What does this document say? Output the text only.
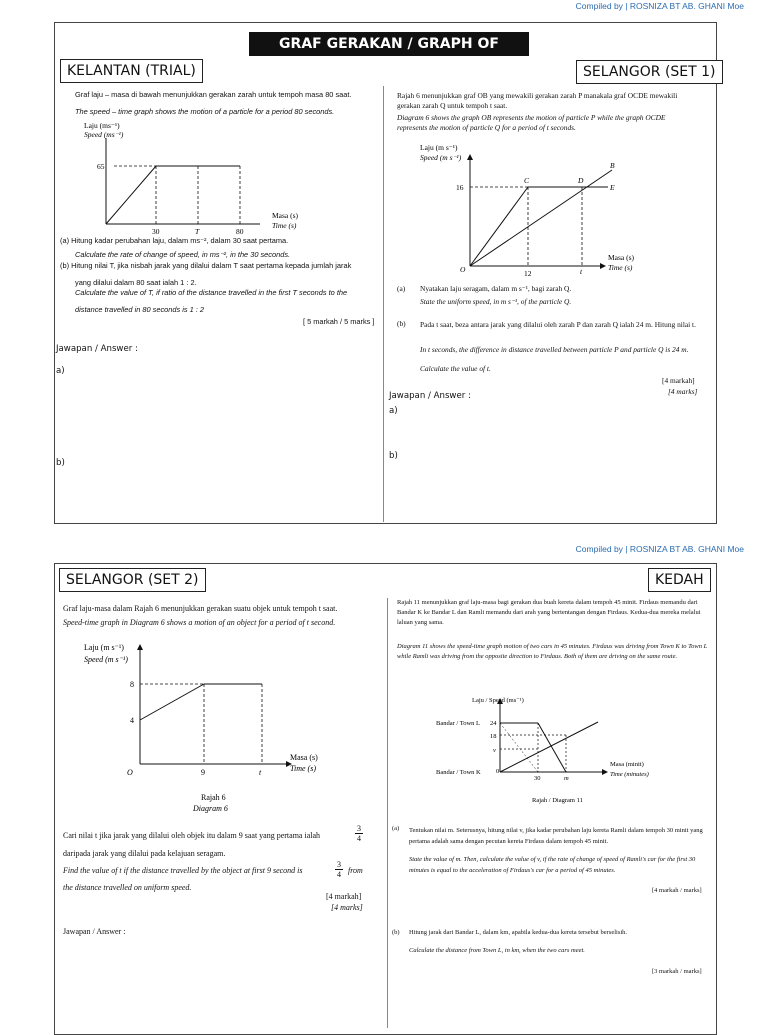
Compiled by | ROSNIZA BT AB. GHANI Moe
GRAF GERAKAN / GRAPH OF MOTION
KELANTAN (TRIAL)
Graf laju – masa di bawah menunjukkan gerakan zarah untuk tempoh masa 80 saat.
The speed – time graph shows the motion of a particle for a period 80 seconds.
Laju (ms⁻¹)
Speed (ms⁻¹)
65
30	T	80
Masa (s)
Time (s)
(a) Hitung kadar perubahan laju, dalam ms⁻², dalam 30 saat pertama.
Calculate the rate of change of speed, in ms⁻², in the 30 seconds.
(b) Hitung nilai T, jika nisbah jarak yang dilalui dalam T saat pertama kepada jumlah jarak
yang dilalui dalam 80 saat ialah 1 : 2.
Calculate the value of T, if ratio of the distance travelled in the first T seconds to the
distance travelled in 80 seconds is 1 : 2
[ 5 markah / 5 marks ]
Jawapan / Answer :
a)
b)
SELANGOR (SET 1)
Rajah 6 menunjukkan graf OB yang mewakili gerakan zarah P manakala graf OCDE mewakili gerakan zarah Q untuk tempoh t saat.
Diagram 6 shows the graph OB represents the motion of particle P while the graph OCDE represents the motion of particle Q for a period of t seconds.
Laju (m s⁻¹)
Speed (m s⁻¹)
16
O	12	t
B
C	D
E
Masa (s)
Time (s)
(a) Nyatakan laju seragam, dalam m s⁻¹, bagi zarah Q.
State the uniform speed, in m s⁻¹, of the particle Q.
(b) Pada t saat, beza antara jarak yang dilalui oleh zarah P dan zarah Q ialah 24 m. Hitung nilai t.
In t seconds, the difference in distance travelled between particle P and particle Q is 24 m.
Calculate the value of t.
[4 markah]
[4 marks]
Jawapan / Answer :
a)
b)
Compiled by | ROSNIZA BT AB. GHANI Moe
SELANGOR (SET 2)
Graf laju-masa dalam Rajah 6 menunjukkan gerakan suatu objek untuk tempoh t saat.
Speed-time graph in Diagram 6 shows a motion of an object for a period of t second.
Laju (m s⁻¹)
Speed (m s⁻¹)
8
4
O	9	t
Masa (s)
Time (s)
Rajah 6
Diagram 6
Cari nilai t jika jarak yang dilalui oleh objek itu dalam 9 saat yang pertama ialah	$\frac{3}{4}$
daripada jarak yang dilalui pada kelajuan seragam.
Find the value of t if the distance travelled by the object at first 9 second is	$\frac{3}{4}$ from
the distance travelled on uniform speed.
[4 markah]
[4 marks]
Jawapan / Answer :
KEDAH
Rajah 11 menunjukkan graf laju-masa bagi gerakan dua buah kereta dalam tempoh 45 minit. Firdaus memandu dari Bandar K ke Bandar L dan Ramli memandu dari arah yang bertentangan dengan Firdaus. Kedua-dua mereka melalui laluan yang sama.
Diagram 11 shows the speed-time graph motion of two cars in 45 minutes. Firdaus was driving from Town K to Town L while Ramli was driving from the opposite direction to Firdaus. Both of them are driving on the same route.
Laju / Speed (ms⁻¹)
Bandar / Town L
Bandar / Town K
24
18
v
0
30	m
Masa (minit)
Time (minutes)
Rajah / Diagram 11
(a) Tentukan nilai m. Seterusnya, hitung nilai v, jika kadar perubahan laju kereta Ramli dalam tempoh 30 minit yang pertama adalah sama dengan pecutan kereta Firdaus dalam tempoh 45 minit.
State the value of m. Then, calculate the value of v, if the rate of change of speed of Ramli's car for the first 30 minutes is equal to the acceleration of Firdaus's car for a period of 45 minutes.
[4 markah / marks]
(b) Hitung jarak dari Bandar L, dalam km, apabila kedua-dua kereta tersebut berselisih.
Calculate the distance from Town L, in km, when the two cars meet.
[3 markah / marks]
